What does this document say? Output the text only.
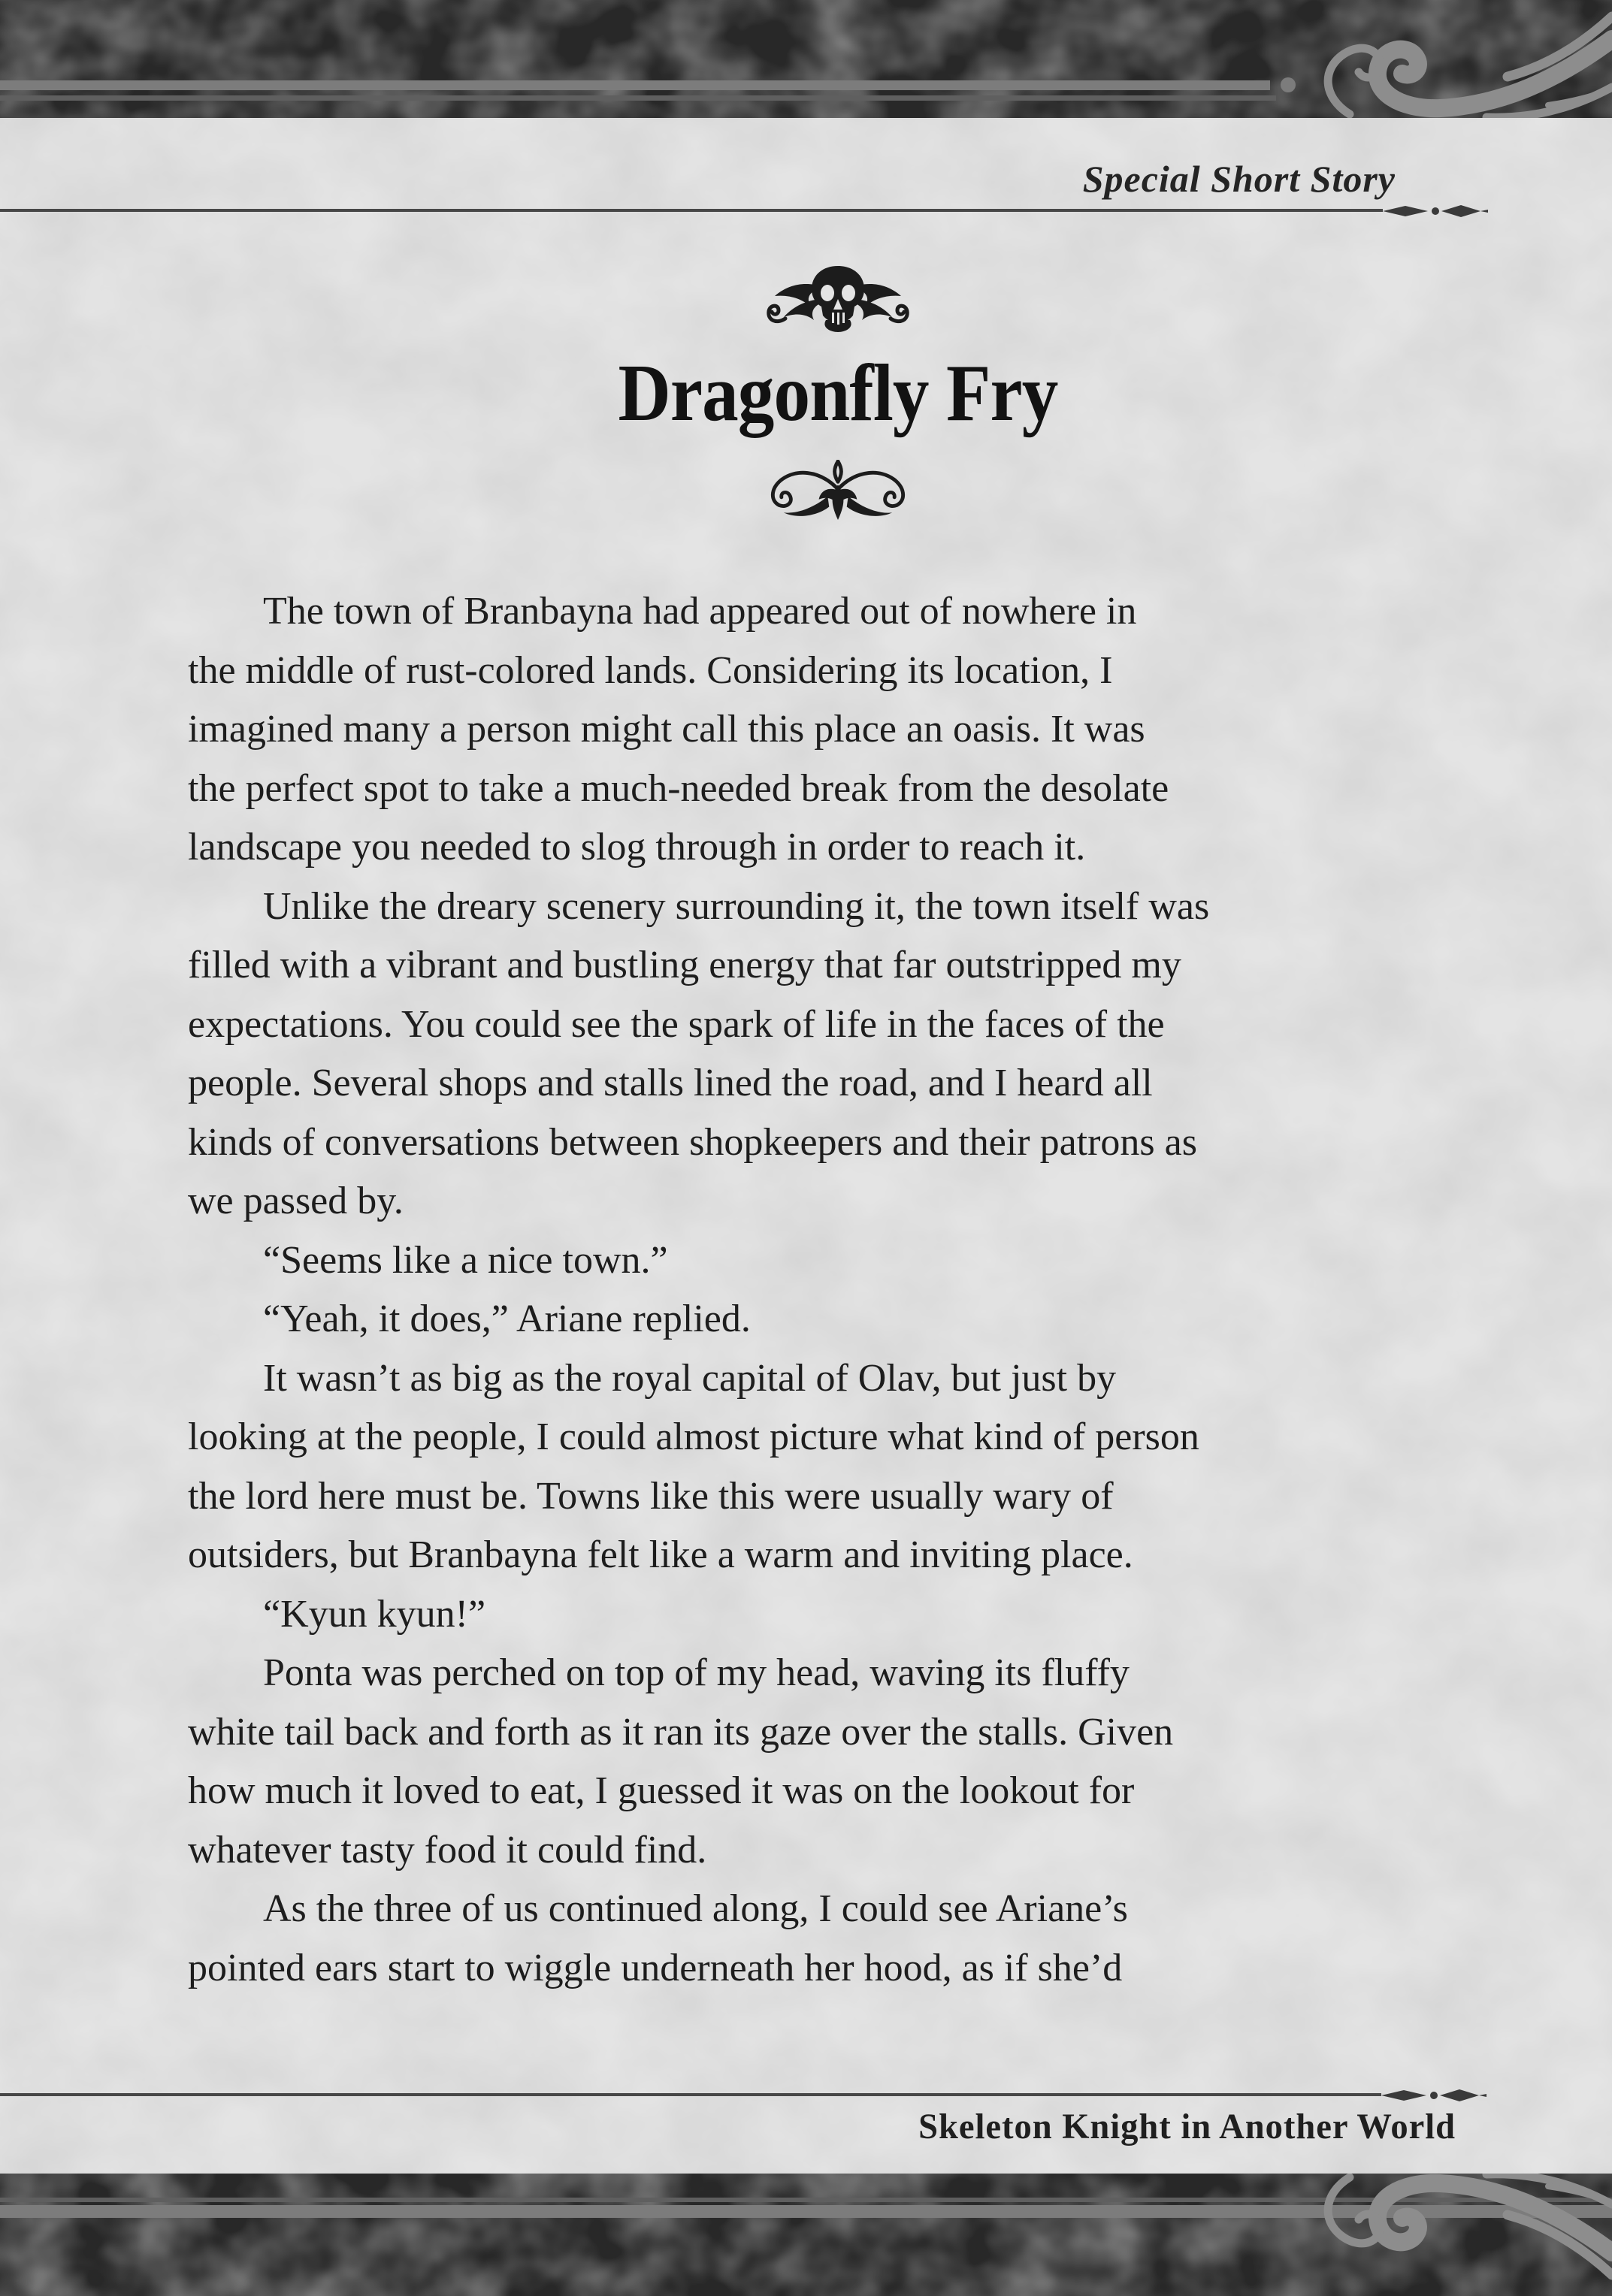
Special Short Story
Dragonfly Fry

The town of Branbayna had appeared out of nowhere in
the middle of rust-colored lands. Considering its location, I
imagined many a person might call this place an oasis. It was
the perfect spot to take a much-needed break from the desolate
landscape you needed to slog through in order to reach it.

Unlike the dreary scenery surrounding it, the town itself was
filled with a vibrant and bustling energy that far outstripped my
expectations. You could see the spark of life in the faces of the
people. Several shops and stalls lined the road, and I heard all
kinds of conversations between shopkeepers and their patrons as
we passed by.

“Seems like a nice town.”

“Yeah, it does,” Ariane replied.

It wasn’t as big as the royal capital of Olav, but just by
looking at the people, I could almost picture what kind of person
the lord here must be. Towns like this were usually wary of
outsiders, but Branbayna felt like a warm and inviting place.

“Kyun kyun!”

Ponta was perched on top of my head, waving its fluffy
white tail back and forth as it ran its gaze over the stalls. Given
how much it loved to eat, I guessed it was on the lookout for
whatever tasty food it could find.

As the three of us continued along, I could see Ariane’s
pointed ears start to wiggle underneath her hood, as if she’d

Skeleton Knight in Another World
